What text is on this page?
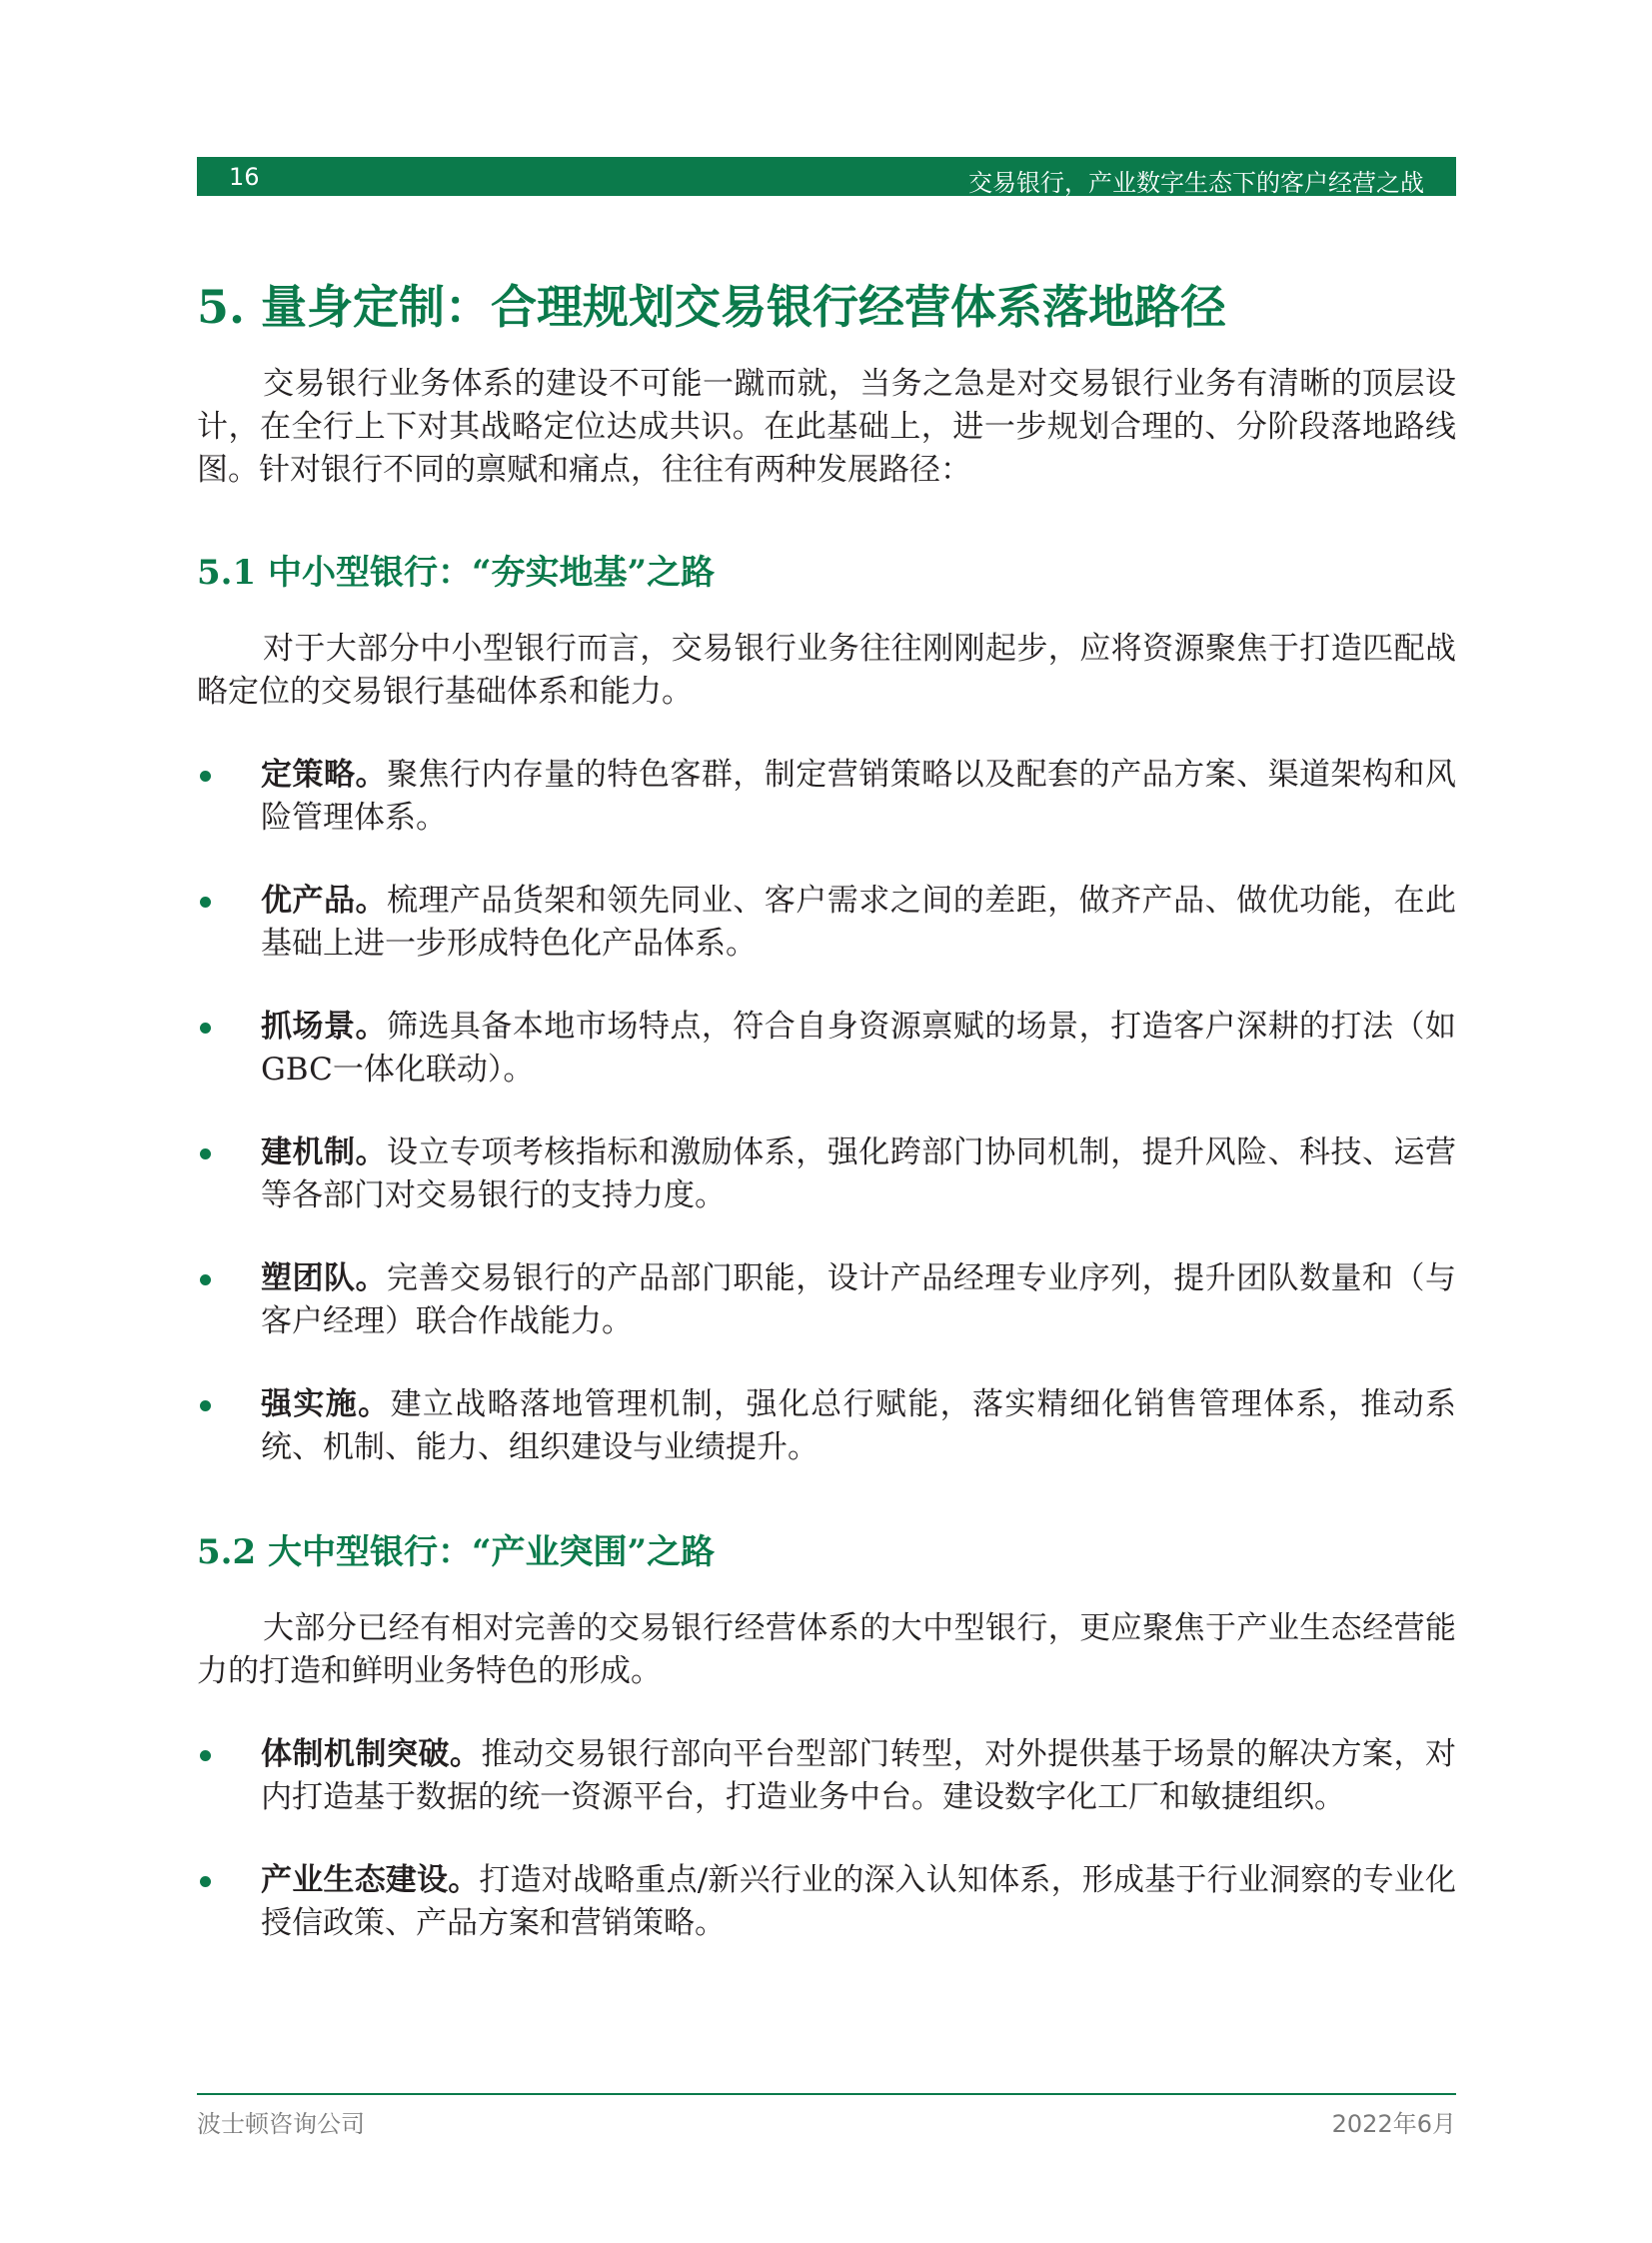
16	交易银行，产业数字生态下的客户经营之战
5. 量身定制：合理规划交易银行经营体系落地路径

交易银行业务体系的建设不可能一蹴而就，当务之急是对交易银行业务有清晰的顶层设计，在全行上下对其战略定位达成共识。在此基础上，进一步规划合理的、分阶段落地路线图。针对银行不同的禀赋和痛点，往往有两种发展路径：

5.1 中小型银行：“夯实地基”之路

对于大部分中小型银行而言，交易银行业务往往刚刚起步，应将资源聚焦于打造匹配战略定位的交易银行基础体系和能力。

定策略。聚焦行内存量的特色客群，制定营销策略以及配套的产品方案、渠道架构和风险管理体系。
优产品。梳理产品货架和领先同业、客户需求之间的差距，做齐产品、做优功能，在此基础上进一步形成特色化产品体系。
抓场景。筛选具备本地市场特点，符合自身资源禀赋的场景，打造客户深耕的打法（如GBC一体化联动）。
建机制。设立专项考核指标和激励体系，强化跨部门协同机制，提升风险、科技、运营等各部门对交易银行的支持力度。
塑团队。完善交易银行的产品部门职能，设计产品经理专业序列，提升团队数量和（与客户经理）联合作战能力。
强实施。建立战略落地管理机制，强化总行赋能，落实精细化销售管理体系，推动系统、机制、能力、组织建设与业绩提升。
5.2 大中型银行：“产业突围”之路

大部分已经有相对完善的交易银行经营体系的大中型银行，更应聚焦于产业生态经营能力的打造和鲜明业务特色的形成。

体制机制突破。推动交易银行部向平台型部门转型，对外提供基于场景的解决方案，对内打造基于数据的统一资源平台，打造业务中台。建设数字化工厂和敏捷组织。
产业生态建设。打造对战略重点/新兴行业的深入认知体系，形成基于行业洞察的专业化授信政策、产品方案和营销策略。
波士顿咨询公司	2022年6月
